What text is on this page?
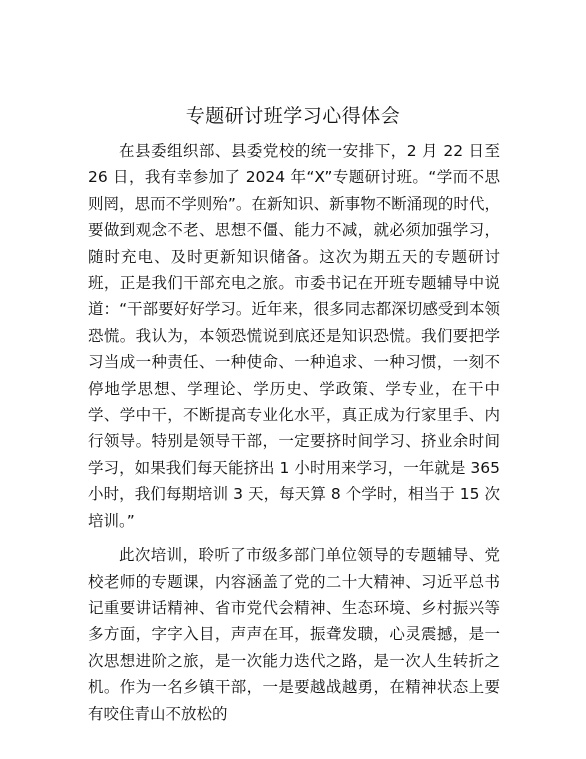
专题研讨班学习心得体会

在县委组织部、县委党校的统一安排下，2 月 22 日至 26 日，我有幸参加了 2024 年“X”专题研讨班。“学而不思则罔，思而不学则殆”。在新知识、新事物不断涌现的时代，要做到观念不老、思想不僵、能力不减，就必须加强学习，随时充电、及时更新知识储备。这次为期五天的专题研讨班，正是我们干部充电之旅。市委书记在开班专题辅导中说道：“干部要好好学习。近年来，很多同志都深切感受到本领恐慌。我认为，本领恐慌说到底还是知识恐慌。我们要把学习当成一种责任、一种使命、一种追求、一种习惯，一刻不停地学思想、学理论、学历史、学政策、学专业，在干中学、学中干，不断提高专业化水平，真正成为行家里手、内行领导。特别是领导干部，一定要挤时间学习、挤业余时间学习，如果我们每天能挤出 1 小时用来学习，一年就是 365 小时，我们每期培训 3 天，每天算 8 个学时，相当于 15 次培训。”

此次培训，聆听了市级多部门单位领导的专题辅导、党校老师的专题课，内容涵盖了党的二十大精神、习近平总书记重要讲话精神、省市党代会精神、生态环境、乡村振兴等多方面，字字入目，声声在耳，振聋发聩，心灵震撼，是一次思想进阶之旅，是一次能力迭代之路，是一次人生转折之机。作为一名乡镇干部，一是要越战越勇，在精神状态上要有咬住青山不放松的
